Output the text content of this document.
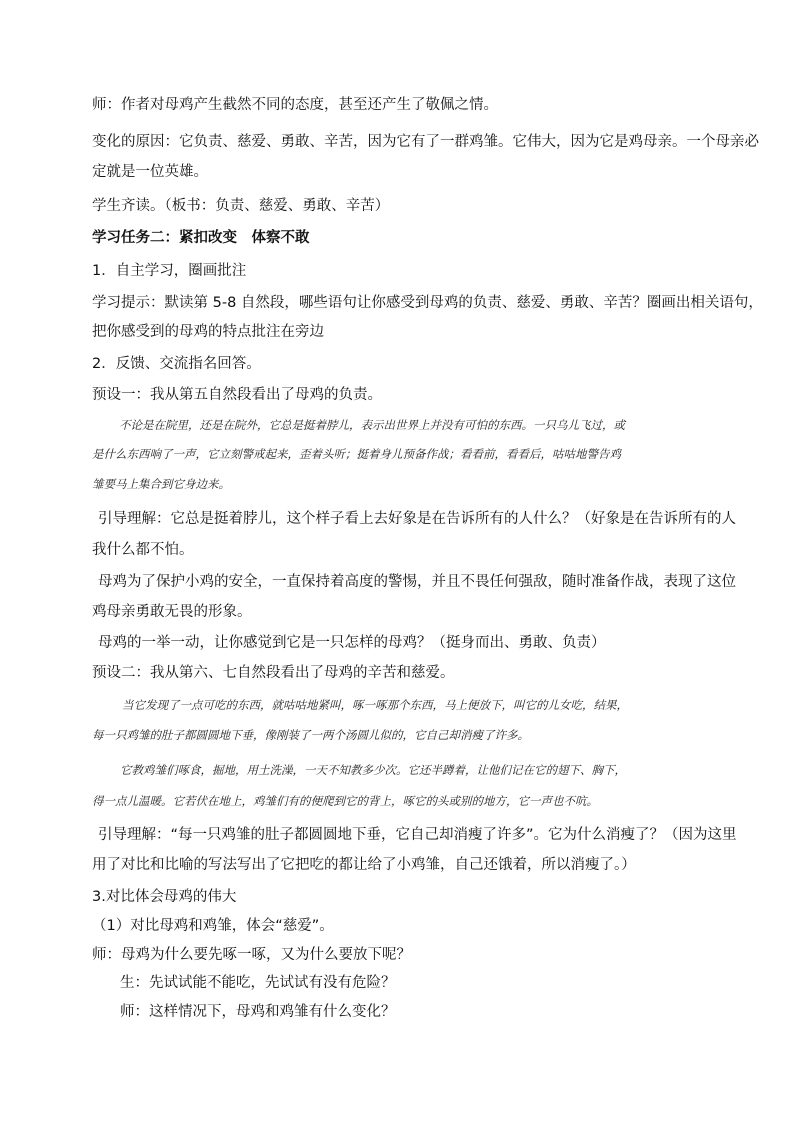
师：作者对母鸡产生截然不同的态度，甚至还产生了敬佩之情。
变化的原因：它负责、慈爱、勇敢、辛苦，因为它有了一群鸡雏。它伟大，因为它是鸡母亲。一个母亲必
定就是一位英雄。
学生齐读。（板书：负责、慈爱、勇敢、辛苦）
学习任务二：紧扣改变　体察不敢
1．自主学习，圈画批注
学习提示：默读第 5-8 自然段，哪些语句让你感受到母鸡的负责、慈爱、勇敢、辛苦？圈画出相关语句，
把你感受到的母鸡的特点批注在旁边
2．反馈、交流指名回答。
预设一：我从第五自然段看出了母鸡的负责。
不论是在院里，还是在院外，它总是挺着脖儿，表示出世界上并没有可怕的东西。一只乌儿飞过，或
是什么东西响了一声，它立刻警戒起来，歪着头听；挺着身儿预备作战；看看前，看看后，咕咕地警告鸡
雏要马上集合到它身边来。
引导理解：它总是挺着脖儿，这个样子看上去好象是在告诉所有的人什么？（好象是在告诉所有的人
我什么都不怕。
母鸡为了保护小鸡的安全，一直保持着高度的警惕，并且不畏任何强敌，随时准备作战，表现了这位
鸡母亲勇敢无畏的形象。
母鸡的一举一动，让你感觉到它是一只怎样的母鸡？（挺身而出、勇敢、负责）
预设二：我从第六、七自然段看出了母鸡的辛苦和慈爱。
当它发现了一点可吃的东西，就咕咕地紧叫，啄一啄那个东西，马上便放下，叫它的儿女吃，结果，
每一只鸡雏的肚子都圆圆地下垂，像刚装了一两个汤圆儿似的，它自己却消瘦了许多。
它教鸡雏们啄食，掘地，用土洗澡，一天不知教多少次。它还半蹲着，让他们记在它的翅下、胸下，
得一点儿温暖。它若伏在地上，鸡雏们有的便爬到它的背上，啄它的头或别的地方，它一声也不吭。
引导理解：“每一只鸡雏的肚子都圆圆地下垂，它自己却消瘦了许多”。它为什么消瘦了？（因为这里
用了对比和比喻的写法写出了它把吃的都让给了小鸡雏，自己还饿着，所以消瘦了。）
3.对比体会母鸡的伟大
（1）对比母鸡和鸡雏，体会“慈爱”。
师：母鸡为什么要先啄一啄，又为什么要放下呢？
生：先试试能不能吃，先试试有没有危险？
师：这样情况下，母鸡和鸡雏有什么变化？
